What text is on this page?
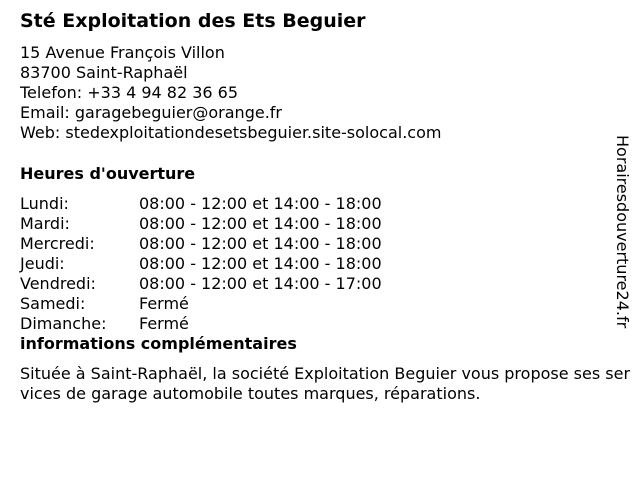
Sté Exploitation des Ets Beguier
15 Avenue François Villon
83700 Saint-Raphaël
Telefon: +33 4 94 82 36 65
Email: garagebeguier@orange.fr
Web: stedexploitationdesetsbeguier.site-solocal.com
Heures d'ouverture
Lundi:	08:00 - 12:00 et 14:00 - 18:00
Mardi:	08:00 - 12:00 et 14:00 - 18:00
Mercredi:	08:00 - 12:00 et 14:00 - 18:00
Jeudi:	08:00 - 12:00 et 14:00 - 18:00
Vendredi:	08:00 - 12:00 et 14:00 - 17:00
Samedi:	Fermé
Dimanche:	Fermé
informations complémentaires
Située à Saint-Raphaël, la société Exploitation Beguier vous propose ses services de garage automobile toutes marques, réparations.
Horairesdouverture24.fr
